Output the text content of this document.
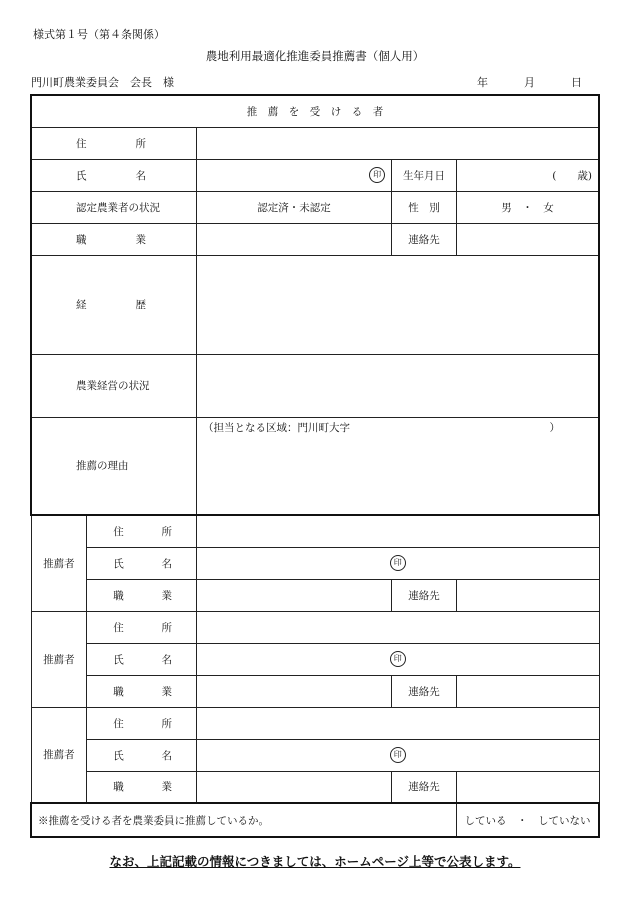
様式第１号（第４条関係）
農地利用最適化推進委員推薦書（個人用）
門川町農業委員会　会長　様	年	月	日
推　薦　を　受　け　る　者				
住所				
氏名		印	生年月日	(　　歳)
認定農業者の状況		認定済・未認定	性　別	男　・　女
職業			連絡先	
経歴				
農業経営の状況				
推薦の理由		（担当となる区域：門川町大字　　　　　　　　　　　　　　　　　　　）		
推薦者	住所			
	氏名	印		
	職業		連絡先	
推薦者	住所			
	氏名	印		
	職業		連絡先	
推薦者	住所			
	氏名	印		
	職業		連絡先	
※推薦を受ける者を農業委員に推薦しているか。				している　・　していない
なお、上記記載の情報につきましては、ホームページ上等で公表します。
